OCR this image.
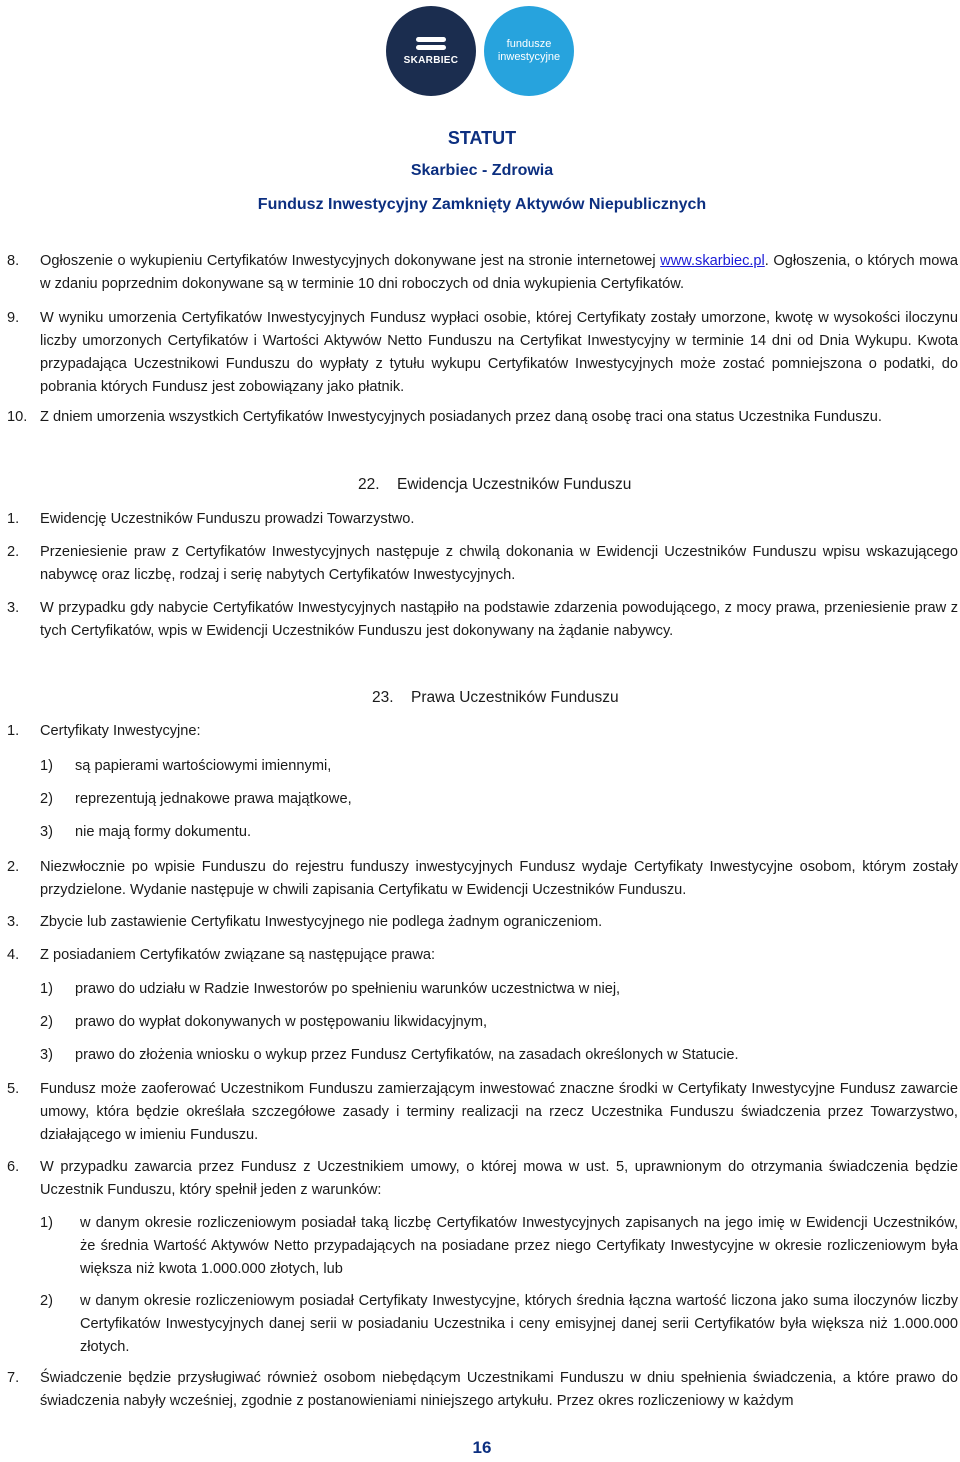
SKARBIEC
fundusze
inwestycyjne
STATUT
Skarbiec - Zdrowia
Fundusz Inwestycyjny Zamknięty Aktywów Niepublicznych
8. Ogłoszenie o wykupieniu Certyfikatów Inwestycyjnych dokonywane jest na stronie internetowej www.skarbiec.pl. Ogłoszenia, o których mowa w zdaniu poprzednim dokonywane są w terminie 10 dni roboczych od dnia wykupienia Certyfikatów.
9. W wyniku umorzenia Certyfikatów Inwestycyjnych Fundusz wypłaci osobie, której Certyfikaty zostały umorzone, kwotę w wysokości iloczynu liczby umorzonych Certyfikatów i Wartości Aktywów Netto Funduszu na Certyfikat Inwestycyjny w terminie 14 dni od Dnia Wykupu. Kwota przypadająca Uczestnikowi Funduszu do wypłaty z tytułu wykupu Certyfikatów Inwestycyjnych może zostać pomniejszona o podatki, do pobrania których Fundusz jest zobowiązany jako płatnik.
10. Z dniem umorzenia wszystkich Certyfikatów Inwestycyjnych posiadanych przez daną osobę traci ona status Uczestnika Funduszu.
22. Ewidencja Uczestników Funduszu
1. Ewidencję Uczestników Funduszu prowadzi Towarzystwo.
2. Przeniesienie praw z Certyfikatów Inwestycyjnych następuje z chwilą dokonania w Ewidencji Uczestników Funduszu wpisu wskazującego nabywcę oraz liczbę, rodzaj i serię nabytych Certyfikatów Inwestycyjnych.
3. W przypadku gdy nabycie Certyfikatów Inwestycyjnych nastąpiło na podstawie zdarzenia powodującego, z mocy prawa, przeniesienie praw z tych Certyfikatów, wpis w Ewidencji Uczestników Funduszu jest dokonywany na żądanie nabywcy.
23. Prawa Uczestników Funduszu
1. Certyfikaty Inwestycyjne:
1) są papierami wartościowymi imiennymi,
2) reprezentują jednakowe prawa majątkowe,
3) nie mają formy dokumentu.
2. Niezwłocznie po wpisie Funduszu do rejestru funduszy inwestycyjnych Fundusz wydaje Certyfikaty Inwestycyjne osobom, którym zostały przydzielone. Wydanie następuje w chwili zapisania Certyfikatu w Ewidencji Uczestników Funduszu.
3. Zbycie lub zastawienie Certyfikatu Inwestycyjnego nie podlega żadnym ograniczeniom.
4. Z posiadaniem Certyfikatów związane są następujące prawa:
1) prawo do udziału w Radzie Inwestorów po spełnieniu warunków uczestnictwa w niej,
2) prawo do wypłat dokonywanych w postępowaniu likwidacyjnym,
3) prawo do złożenia wniosku o wykup przez Fundusz Certyfikatów, na zasadach określonych w Statucie.
5. Fundusz może zaoferować Uczestnikom Funduszu zamierzającym inwestować znaczne środki w Certyfikaty Inwestycyjne Fundusz zawarcie umowy, która będzie określała szczegółowe zasady i terminy realizacji na rzecz Uczestnika Funduszu świadczenia przez Towarzystwo, działającego w imieniu Funduszu.
6. W przypadku zawarcia przez Fundusz z Uczestnikiem umowy, o której mowa w ust. 5, uprawnionym do otrzymania świadczenia będzie Uczestnik Funduszu, który spełnił jeden z warunków:
1) w danym okresie rozliczeniowym posiadał taką liczbę Certyfikatów Inwestycyjnych zapisanych na jego imię w Ewidencji Uczestników, że średnia Wartość Aktywów Netto przypadających na posiadane przez niego Certyfikaty Inwestycyjne w okresie rozliczeniowym była większa niż kwota 1.000.000 złotych, lub
2) w danym okresie rozliczeniowym posiadał Certyfikaty Inwestycyjne, których średnia łączna wartość liczona jako suma iloczynów liczby Certyfikatów Inwestycyjnych danej serii w posiadaniu Uczestnika i ceny emisyjnej danej serii Certyfikatów była większa niż 1.000.000 złotych.
7. Świadczenie będzie przysługiwać również osobom niebędącym Uczestnikami Funduszu w dniu spełnienia świadczenia, a które prawo do świadczenia nabyły wcześniej, zgodnie z postanowieniami niniejszego artykułu. Przez okres rozliczeniowy w każdym
16
